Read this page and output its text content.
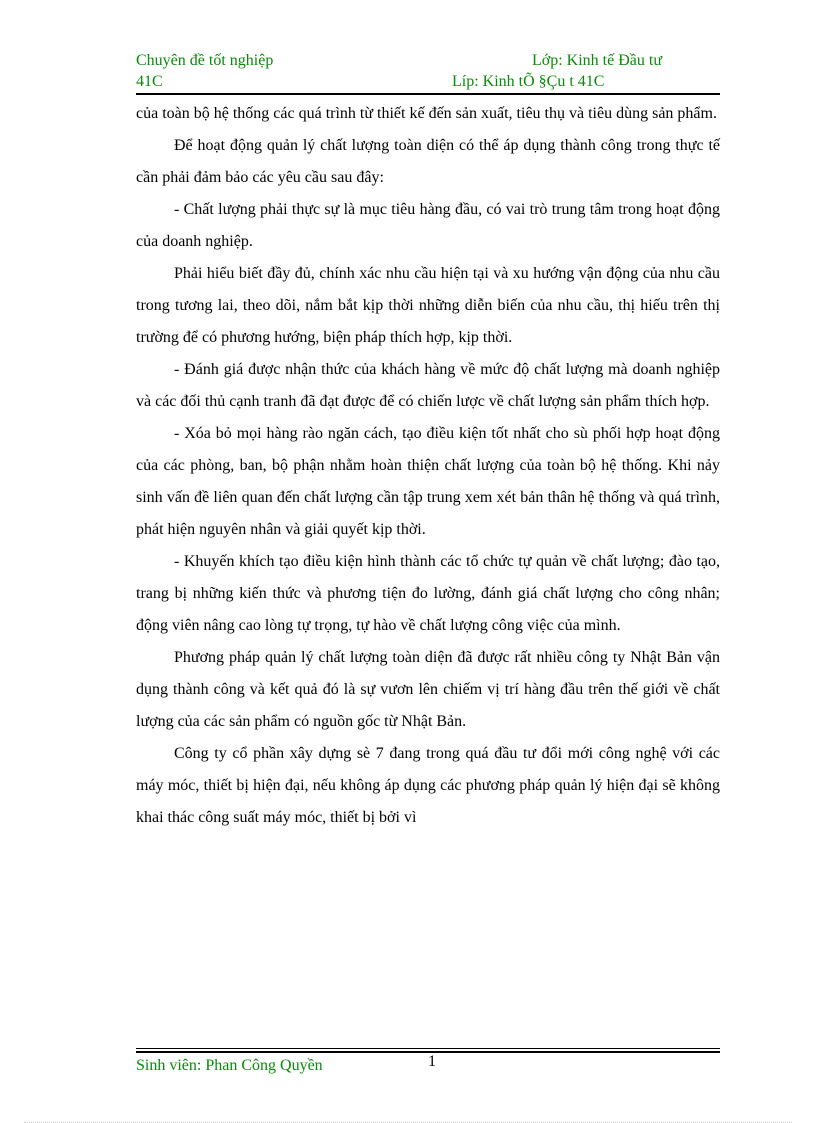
Chuyên đề tốt nghiệp	Lớp: Kinh tế Đầu tư
41C	Líp: Kinh tÕ §Çu t 41C

của toàn bộ hệ thống các quá trình từ thiết kế đến sản xuất, tiêu thụ và tiêu dùng sản phẩm.

Để hoạt động quản lý chất lượng toàn diện có thể áp dụng thành công trong thực tế cần phải đảm bảo các yêu cầu sau đây:

- Chất lượng phải thực sự là mục tiêu hàng đầu, có vai trò trung tâm trong hoạt động của doanh nghiệp.

Phải hiểu biết đầy đủ, chính xác nhu cầu hiện tại và xu hướng vận động của nhu cầu trong tương lai, theo dõi, nắm bắt kịp thời những diễn biến của nhu cầu, thị hiếu trên thị trường để có phương hướng, biện pháp thích hợp, kịp thời.

- Đánh giá được nhận thức của khách hàng về mức độ chất lượng mà doanh nghiệp và các đối thủ cạnh tranh đã đạt được để có chiến lược về chất lượng sản phẩm thích hợp.

- Xóa bỏ mọi hàng rào ngăn cách, tạo điều kiện tốt nhất cho sù phối hợp hoạt động của các phòng, ban, bộ phận nhằm hoàn thiện chất lượng của toàn bộ hệ thống. Khi nảy sinh vấn đề liên quan đến chất lượng cần tập trung xem xét bản thân hệ thống và quá trình, phát hiện nguyên nhân và giải quyết kịp thời.

- Khuyến khích tạo điều kiện hình thành các tổ chức tự quản về chất lượng; đào tạo, trang bị những kiến thức và phương tiện đo lường, đánh giá chất lượng cho công nhân; động viên nâng cao lòng tự trọng, tự hào về chất lượng công việc của mình.

Phương pháp quản lý chất lượng toàn diện đã được rất nhiều công ty Nhật Bản vận dụng thành công và kết quả đó là sự vươn lên chiếm vị trí hàng đầu trên thế giới về chất lượng của các sản phẩm có nguồn gốc từ Nhật Bản.

Công ty cổ phần xây dựng sè 7 đang trong quá đầu tư đổi mới công nghệ với các máy móc, thiết bị hiện đại, nếu không áp dụng các phương pháp quản lý hiện đại sẽ không khai thác công suất máy móc, thiết bị bởi vì

Sinh viên: Phan Công Quyền	1
